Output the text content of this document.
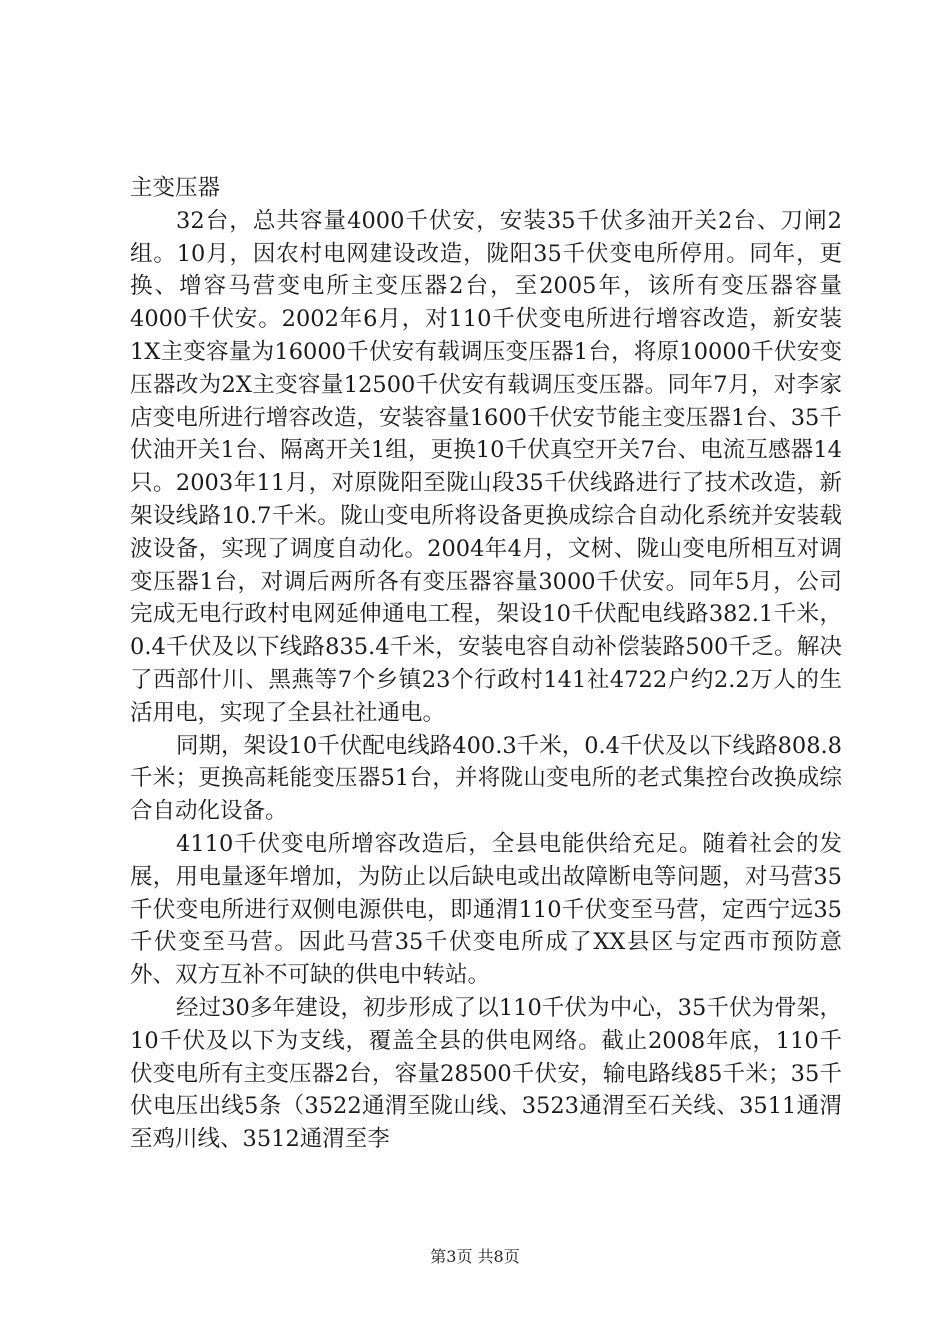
主变压器

32台，总共容量4000千伏安，安装35千伏多油开关2台、刀闸2组。10月，因农村电网建设改造，陇阳35千伏变电所停用。同年，更换、增容马营变电所主变压器2台，至2005年，该所有变压器容量4000千伏安。2002年6月，对110千伏变电所进行增容改造，新安装1X主变容量为16000千伏安有载调压变压器1台，将原10000千伏安变压器改为2X主变容量12500千伏安有载调压变压器。同年7月，对李家店变电所进行增容改造，安装容量1600千伏安节能主变压器1台、35千伏油开关1台、隔离开关1组，更换10千伏真空开关7台、电流互感器14只。2003年11月，对原陇阳至陇山段35千伏线路进行了技术改造，新架设线路10.7千米。陇山变电所将设备更换成综合自动化系统并安装载波设备，实现了调度自动化。2004年4月，文树、陇山变电所相互对调变压器1台，对调后两所各有变压器容量3000千伏安。同年5月，公司完成无电行政村电网延伸通电工程，架设10千伏配电线路382.1千米，0.4千伏及以下线路835.4千米，安装电容自动补偿装路500千乏。解决了西部什川、黑燕等7个乡镇23个行政村141社4722户约2.2万人的生活用电，实现了全县社社通电。

同期，架设10千伏配电线路400.3千米，0.4千伏及以下线路808.8千米；更换高耗能变压器51台，并将陇山变电所的老式集控台改换成综合自动化设备。

4110千伏变电所增容改造后，全县电能供给充足。随着社会的发展，用电量逐年增加，为防止以后缺电或出故障断电等问题，对马营35千伏变电所进行双侧电源供电，即通渭110千伏变至马营，定西宁远35千伏变至马营。因此马营35千伏变电所成了XX县区与定西市预防意外、双方互补不可缺的供电中转站。

经过30多年建设，初步形成了以110千伏为中心，35千伏为骨架，10千伏及以下为支线，覆盖全县的供电网络。截止2008年底，110千伏变电所有主变压器2台，容量28500千伏安，输电路线85千米；35千伏电压出线5条（3522通渭至陇山线、3523通渭至石关线、3511通渭至鸡川线、3512通渭至李

第3页 共8页
